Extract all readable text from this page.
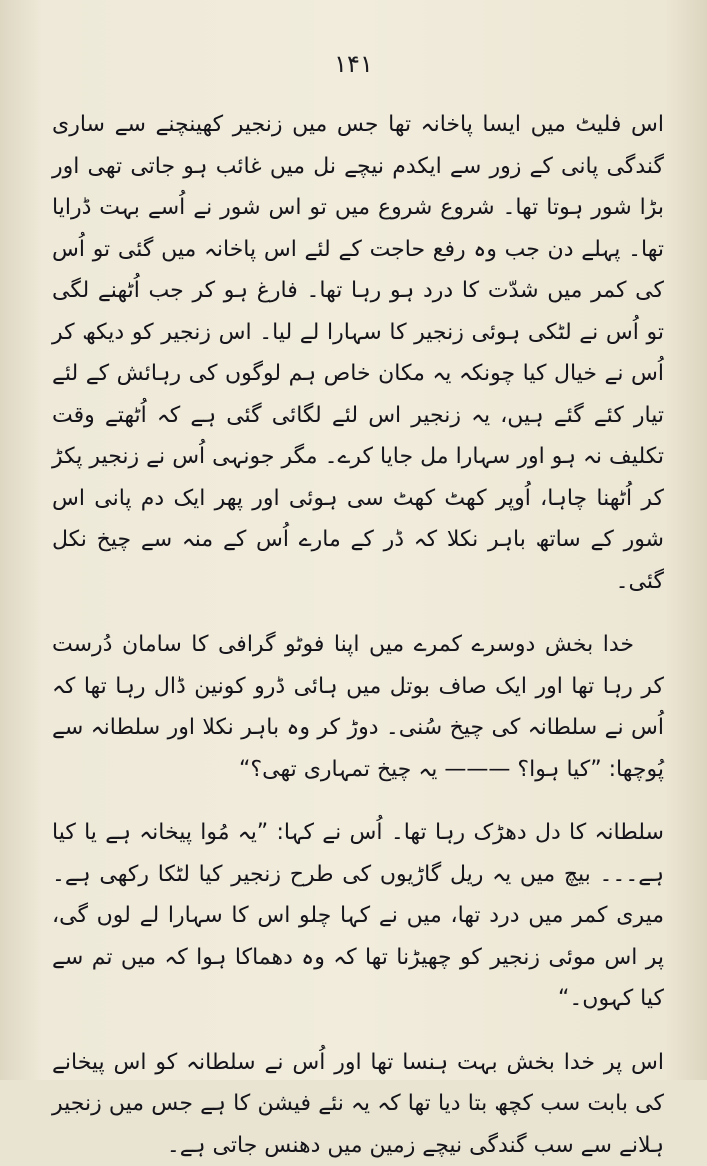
۱۴۱

اس فلیٹ میں ایسا پاخانہ تھا جس میں زنجیر کھینچنے سے ساری گندگی پانی کے زور سے ایکدم نیچے نل میں غائب ہو جاتی تھی اور بڑا شور ہوتا تھا۔ شروع شروع میں تو اس شور نے اُسے بہت ڈرایا تھا۔ پہلے دن جب وہ رفع حاجت کے لئے اس پاخانہ میں گئی تو اُس کی کمر میں شدّت کا درد ہو رہا تھا۔ فارغ ہو کر جب اُٹھنے لگی تو اُس نے لٹکی ہوئی زنجیر کا سہارا لے لیا۔ اس زنجیر کو دیکھ کر اُس نے خیال کیا چونکہ یہ مکان خاص ہم لوگوں کی رہائش کے لئے تیار کئے گئے ہیں، یہ زنجیر اس لئے لگائی گئی ہے کہ اُٹھتے وقت تکلیف نہ ہو اور سہارا مل جایا کرے۔ مگر جونہی اُس نے زنجیر پکڑ کر اُٹھنا چاہا، اُوپر کھٹ کھٹ سی ہوئی اور پھر ایک دم پانی اس شور کے ساتھ باہر نکلا کہ ڈر کے مارے اُس کے منہ سے چیخ نکل گئی۔

خدا بخش دوسرے کمرے میں اپنا فوٹو گرافی کا سامان دُرست کر رہا تھا اور ایک صاف بوتل میں ہائی ڈرو کونین ڈال رہا تھا کہ اُس نے سلطانہ کی چیخ سُنی۔ دوڑ کر وہ باہر نکلا اور سلطانہ سے پُوچھا: ”کیا ہوا؟ ——— یہ چیخ تمہاری تھی؟“

سلطانہ کا دل دھڑک رہا تھا۔ اُس نے کہا: ”یہ مُوا پیخانہ ہے یا کیا ہے۔۔۔ بیچ میں یہ ریل گاڑیوں کی طرح زنجیر کیا لٹکا رکھی ہے۔ میری کمر میں درد تھا، میں نے کہا چلو اس کا سہارا لے لوں گی، پر اس موئی زنجیر کو چھیڑنا تھا کہ وہ دھماکا ہوا کہ میں تم سے کیا کہوں۔“

اس پر خدا بخش بہت ہنسا تھا اور اُس نے سلطانہ کو اس پیخانے کی بابت سب کچھ بتا دیا تھا کہ یہ نئے فیشن کا ہے جس میں زنجیر ہلانے سے سب گندگی نیچے زمین میں دھنس جاتی ہے۔
